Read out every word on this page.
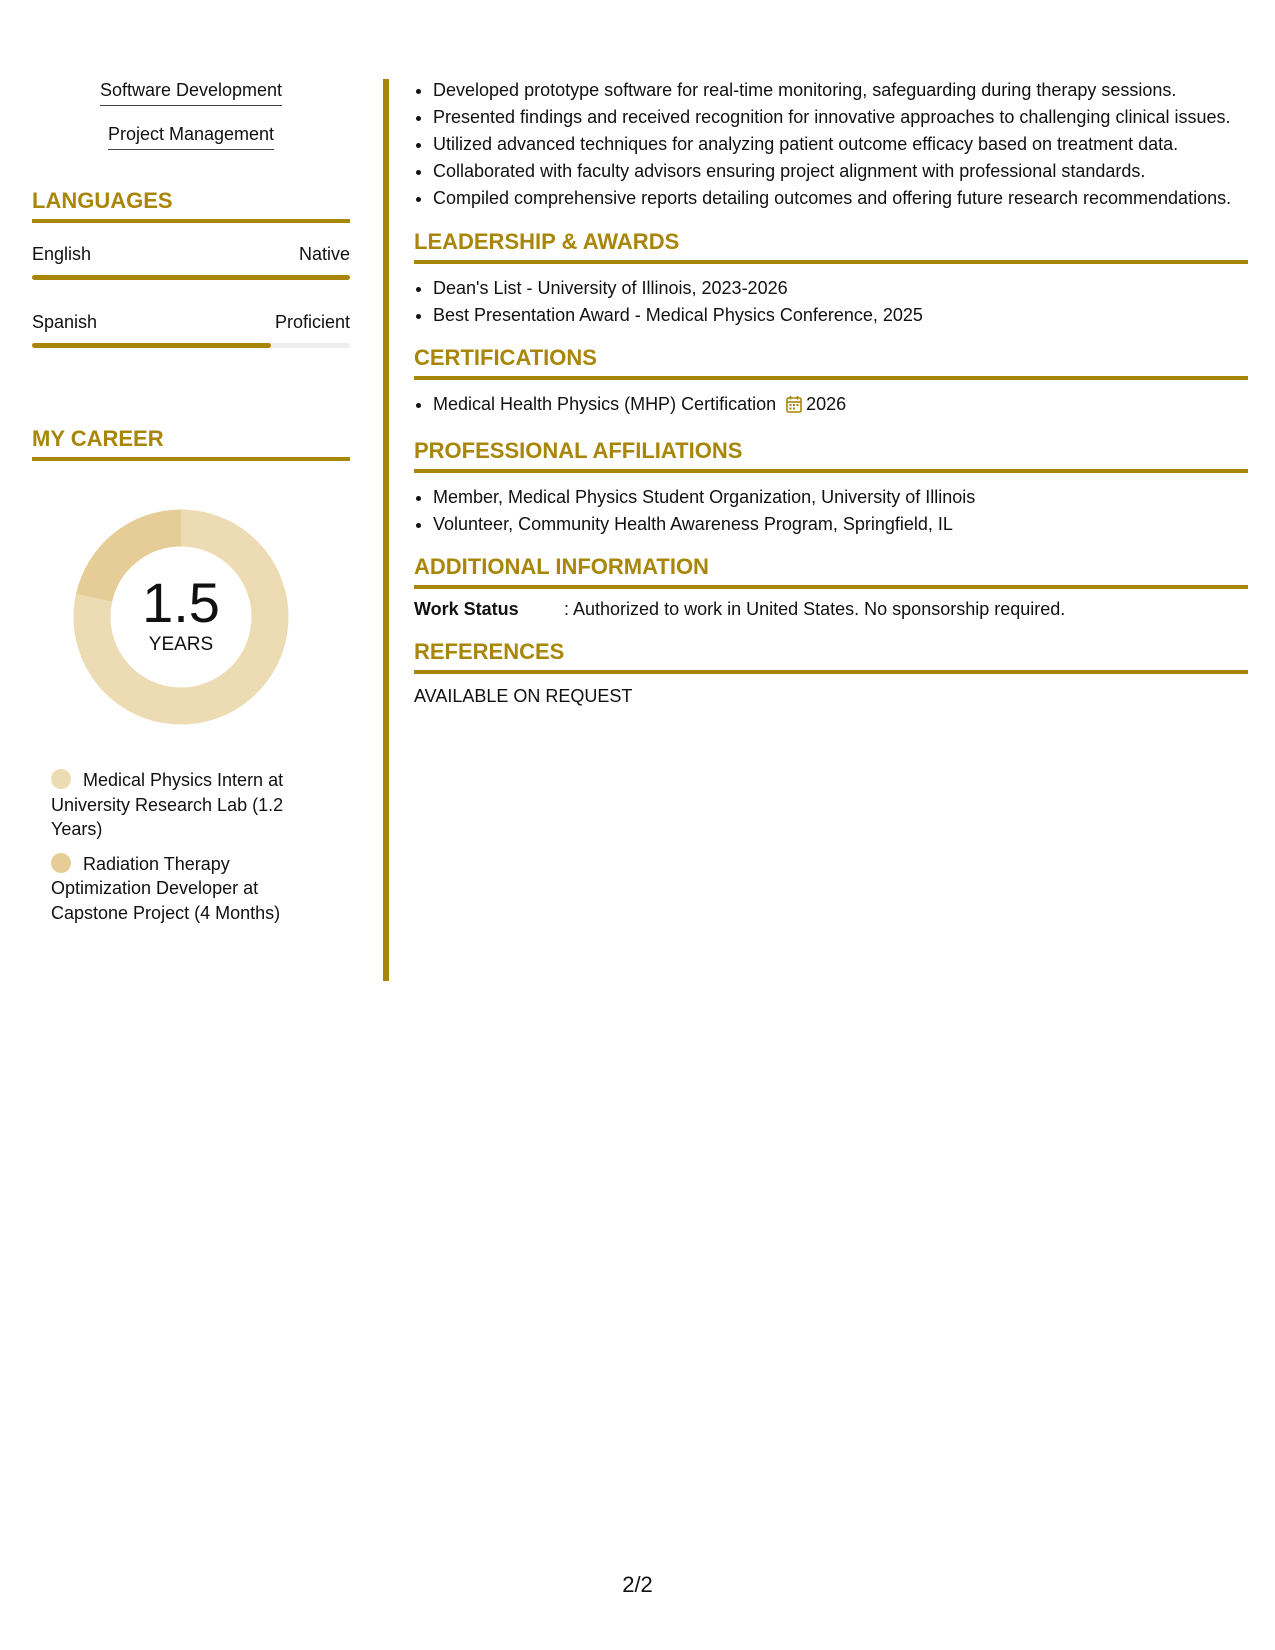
Software Development
Project Management
LANGUAGES
English	Native
Spanish	Proficient
MY CAREER
1.5
YEARS
Medical Physics Intern at University Research Lab (1.2 Years)
Radiation Therapy Optimization Developer at Capstone Project (4 Months)
• Developed prototype software for real-time monitoring, safeguarding during therapy sessions.
• Presented findings and received recognition for innovative approaches to challenging clinical issues.
• Utilized advanced techniques for analyzing patient outcome efficacy based on treatment data.
• Collaborated with faculty advisors ensuring project alignment with professional standards.
• Compiled comprehensive reports detailing outcomes and offering future research recommendations.
LEADERSHIP & AWARDS
• Dean's List - University of Illinois, 2023-2026
• Best Presentation Award - Medical Physics Conference, 2025
CERTIFICATIONS
• Medical Health Physics (MHP) Certification 2026
PROFESSIONAL AFFILIATIONS
• Member, Medical Physics Student Organization, University of Illinois
• Volunteer, Community Health Awareness Program, Springfield, IL
ADDITIONAL INFORMATION
Work Status	: Authorized to work in United States. No sponsorship required.
REFERENCES
AVAILABLE ON REQUEST
2/2
